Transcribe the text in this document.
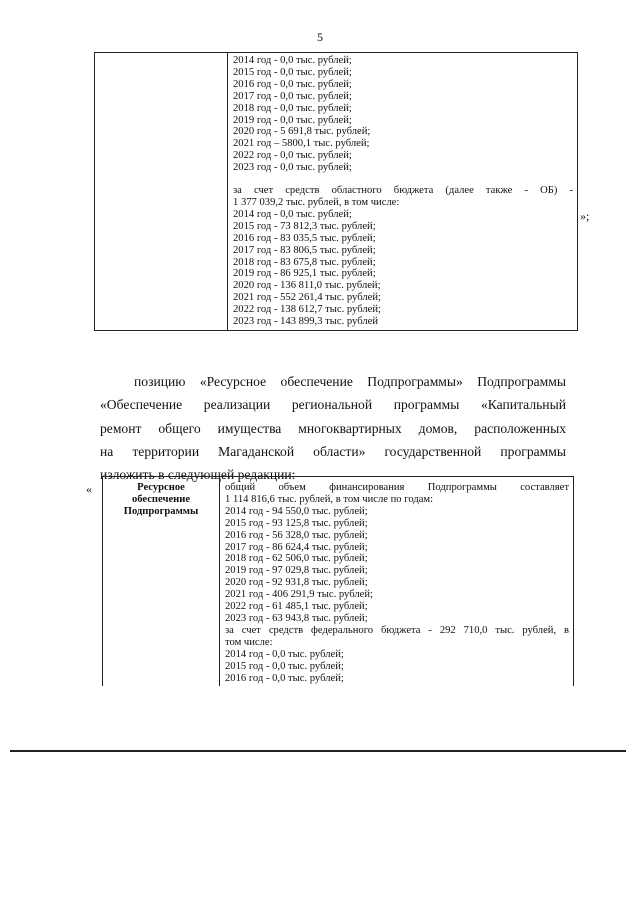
5

2014 год - 0,0 тыс. рублей;
2015 год - 0,0 тыс. рублей;
2016 год - 0,0 тыс. рублей;
2017 год - 0,0 тыс. рублей;
2018 год - 0,0 тыс. рублей;
2019 год - 0,0 тыс. рублей;
2020 год - 5 691,8 тыс. рублей;
2021 год – 5800,1 тыс. рублей;
2022 год - 0,0 тыс. рублей;
2023 год - 0,0 тыс. рублей;
за счет средств областного бюджета (далее также - ОБ) -
1 377 039,2 тыс. рублей, в том числе:
2014 год - 0,0 тыс. рублей;
2015 год - 73 812,3 тыс. рублей;
2016 год - 83 035,5 тыс. рублей;
2017 год - 83 806,5 тыс. рублей;
2018 год - 83 675,8 тыс. рублей;
2019 год - 86 925,1 тыс. рублей;
2020 год - 136 811,0 тыс. рублей;
2021 год - 552 261,4 тыс. рублей;
2022 год - 138 612,7 тыс. рублей;
2023 год - 143 899,3 тыс. рублей
»;
позицию «Ресурсное обеспечение Подпрограммы» Подпрограммы
«Обеспечение реализации региональной программы «Капитальный
ремонт общего имущества многоквартирных домов, расположенных
на территории Магаданской области» государственной программы
изложить в следующей редакции:
«	Ресурсное
обеспечение
Подпрограммы

общий объем финансирования Подпрограммы составляет
1 114 816,6 тыс. рублей, в том числе по годам:
2014 год - 94 550,0 тыс. рублей;
2015 год - 93 125,8 тыс. рублей;
2016 год - 56 328,0 тыс. рублей;
2017 год - 86 624,4 тыс. рублей;
2018 год - 62 506,0 тыс. рублей;
2019 год - 97 029,8 тыс. рублей;
2020 год - 92 931,8 тыс. рублей;
2021 год - 406 291,9 тыс. рублей;
2022 год - 61 485,1 тыс. рублей;
2023 год - 63 943,8 тыс. рублей;
за счет средств федерального бюджета - 292 710,0 тыс. рублей, в
том числе:
2014 год - 0,0 тыс. рублей;
2015 год - 0,0 тыс. рублей;
2016 год - 0,0 тыс. рублей;
